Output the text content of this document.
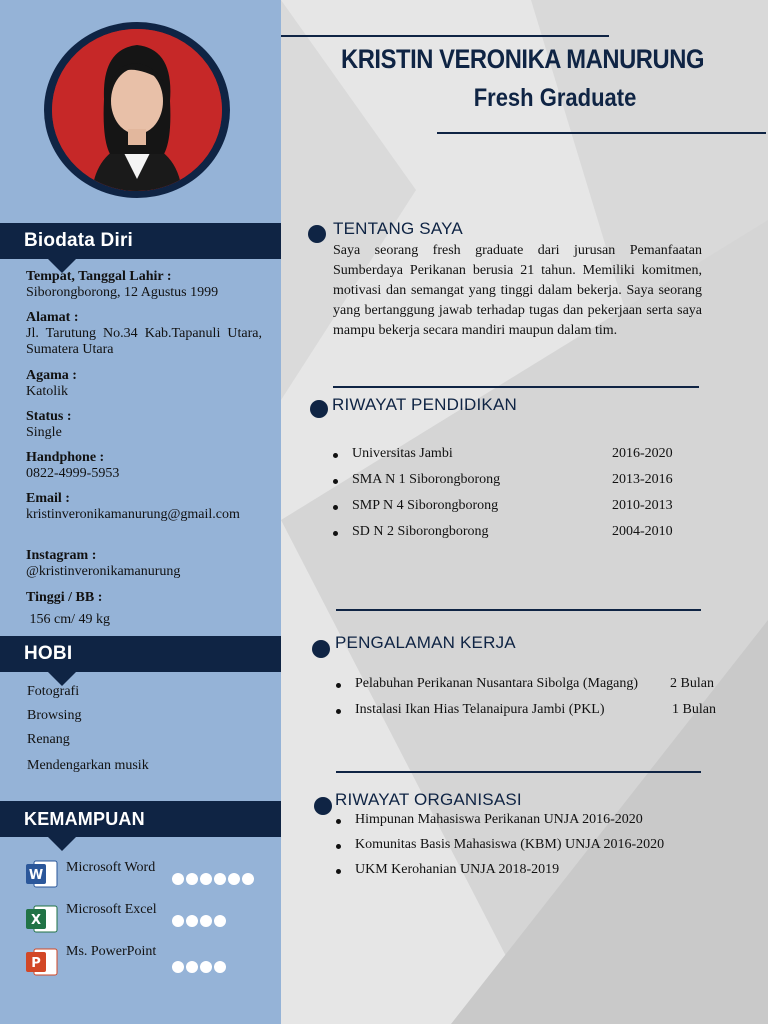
Biodata Diri
Tempat, Tanggal Lahir :
Siborongborong, 12 Agustus 1999
Alamat :
Jl. Tarutung No.34 Kab.Tapanuli Utara, Sumatera Utara
Agama :
Katolik
Status :
Single
Handphone :
0822-4999-5953
Email :
kristinveronikamanurung@gmail.com
Instagram :
@kristinveronikamanurung
Tinggi / BB :
156 cm/ 49 kg
HOBI
Fotografi
Browsing
Renang
Mendengarkan musik
KEMAMPUAN
W
Microsoft Word
X
Microsoft Excel
P
Ms. PowerPoint
KRISTIN VERONIKA MANURUNG
Fresh Graduate
TENTANG SAYA
Saya seorang fresh graduate dari jurusan Pemanfaatan Sumberdaya Perikanan berusia 21 tahun. Memiliki komitmen, motivasi dan semangat yang tinggi dalam bekerja. Saya seorang yang bertanggung jawab terhadap tugas dan pekerjaan serta saya mampu bekerja secara mandiri maupun dalam tim.
RIWAYAT PENDIDIKAN
Universitas Jambi	2016-2020
SMA N 1 Siborongborong	2013-2016
SMP N 4 Siborongborong	2010-2013
SD N 2 Siborongborong	2004-2010
PENGALAMAN KERJA
Pelabuhan Perikanan Nusantara Sibolga (Magang) 2 Bulan
Instalasi Ikan Hias Telanaipura Jambi (PKL)	1 Bulan
RIWAYAT ORGANISASI
Himpunan Mahasiswa Perikanan UNJA 2016-2020
Komunitas Basis Mahasiswa (KBM) UNJA 2016-2020
UKM Kerohanian UNJA 2018-2019
